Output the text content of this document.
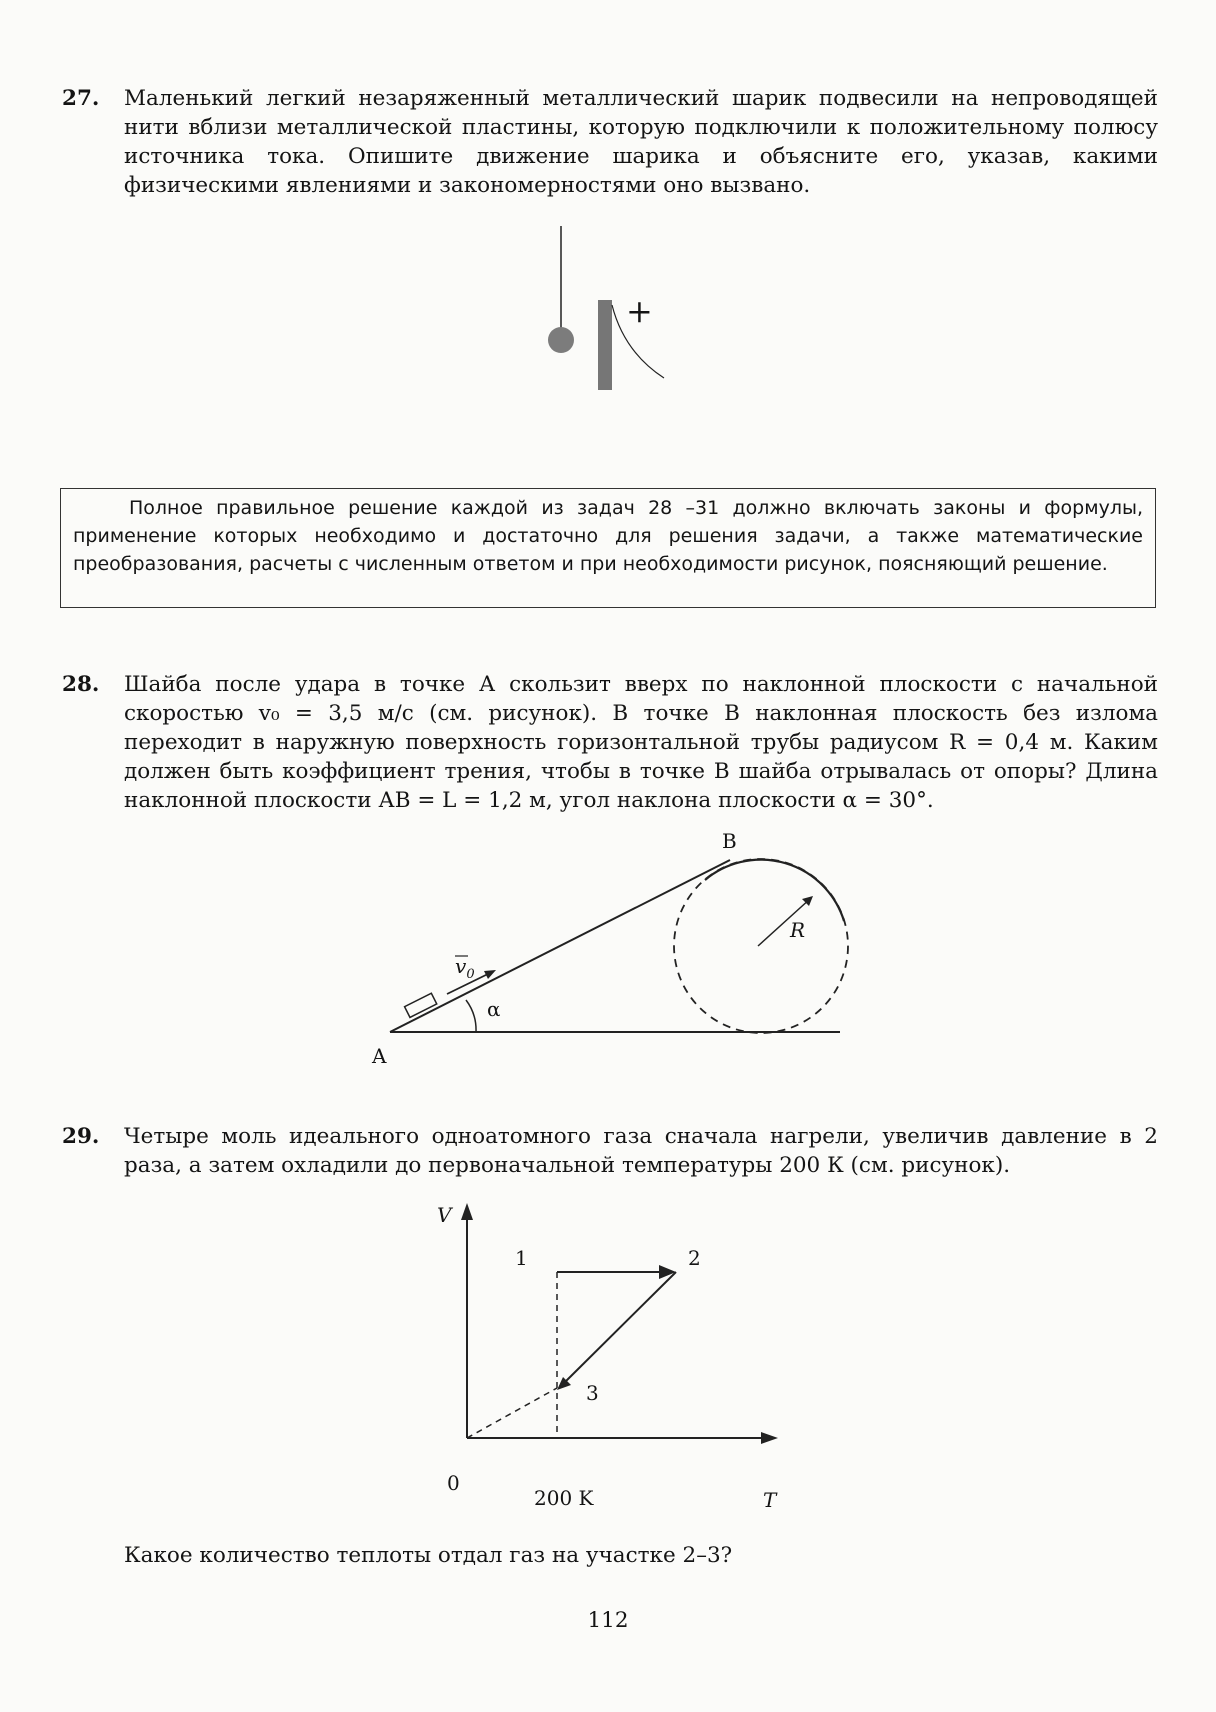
27. Маленький легкий незаряженный металлический шарик подвесили на непроводящей нити вблизи металлической пластины, которую подключили к положительному полюсу источника тока. Опишите движение шарика и объясните его, указав, какими физическими явлениями и закономерностями оно вызвано.
+
Полное правильное решение каждой из задач 28 –31 должно включать законы и формулы, применение которых необходимо и достаточно для решения задачи, а также математические преобразования, расчеты с численным ответом и при необходимости рисунок, поясняющий решение.
28. Шайба после удара в точке А скользит вверх по наклонной плоскости с начальной скоростью v₀ = 3,5 м/с (см. рисунок). В точке В наклонная плоскость без излома переходит в наружную поверхность горизонтальной трубы радиусом R = 0,4 м. Каким должен быть коэффициент трения, чтобы в точке В шайба отрывалась от опоры? Длина наклонной плоскости АВ = L = 1,2 м, угол наклона плоскости α = 30°.
R
$v_0$
α
A
B
29. Четыре моль идеального одноатомного газа сначала нагрели, увеличив давление в 2 раза, а затем охладили до первоначальной температуры 200 К (см. рисунок).
V
T
0
1	2
3
200 K
Какое количество теплоты отдал газ на участке 2–3?
112
